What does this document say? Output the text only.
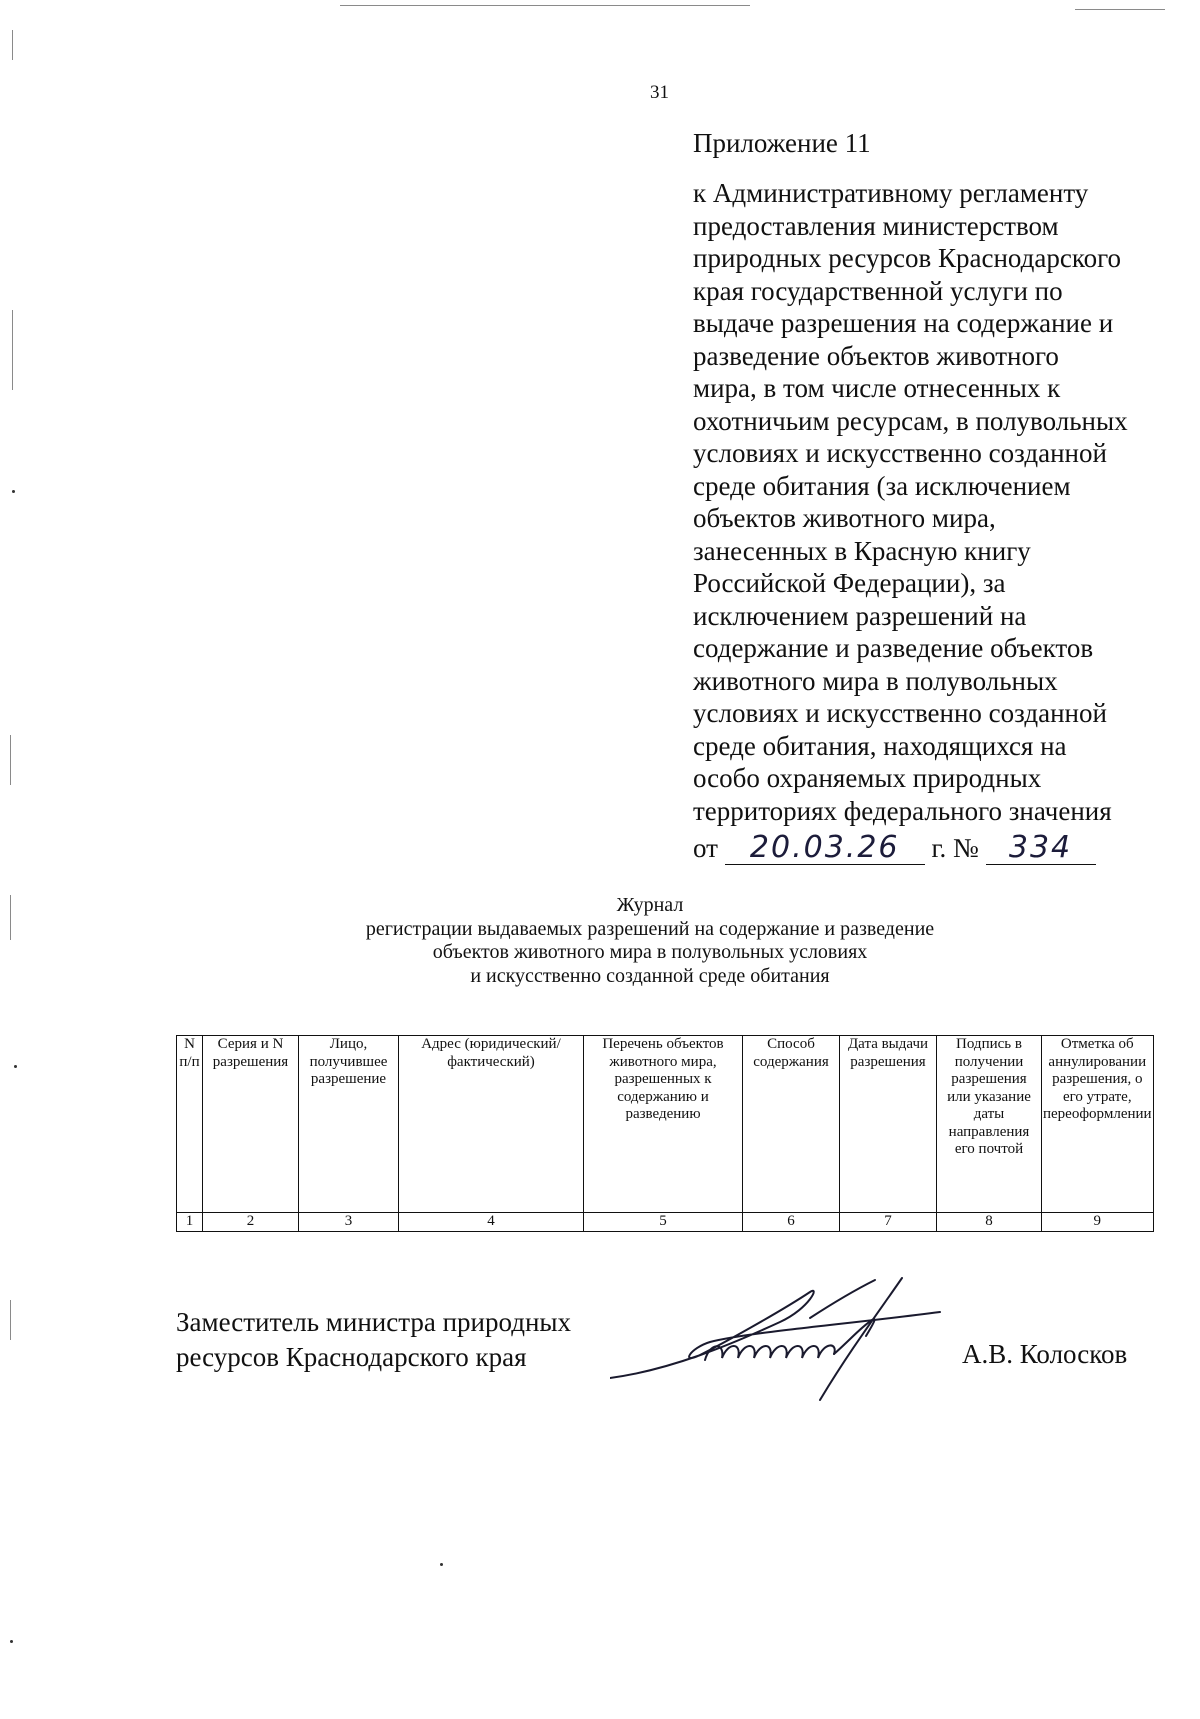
31
Приложение 11
к Административному регламенту
предоставления министерством
природных ресурсов Краснодарского
края государственной услуги по
выдаче разрешения на содержание и
разведение объектов животного
мира, в том числе отнесенных к
охотничьим ресурсам, в полувольных
условиях и искусственно созданной
среде обитания (за исключением
объектов животного мира,
занесенных в Красную книгу
Российской Федерации), за
исключением разрешений на
содержание и разведение объектов
животного мира в полувольных
условиях и искусственно созданной
среде обитания, находящихся на
особо охраняемых природных
территориях федерального значения
от 20.03.26 г. № 334
Журнал
регистрации выдаваемых разрешений на содержание и разведение
объектов животного мира в полувольных условиях
и искусственно созданной среде обитания
N п/п	Серия и N разрешения	Лицо, получившее разрешение	Адрес (юридический/ фактический)	Перечень объектов животного мира, разрешенных к содержанию и разведению	Способ содержания	Дата выдачи разрешения	Подпись в получении разрешения или указание даты направления его почтой	Отметка об аннулировании разрешения, о его утрате, переоформлении
1	2	3	4	5	6	7	8	9
Заместитель министра природных
ресурсов Краснодарского края	А.В. Колосков
